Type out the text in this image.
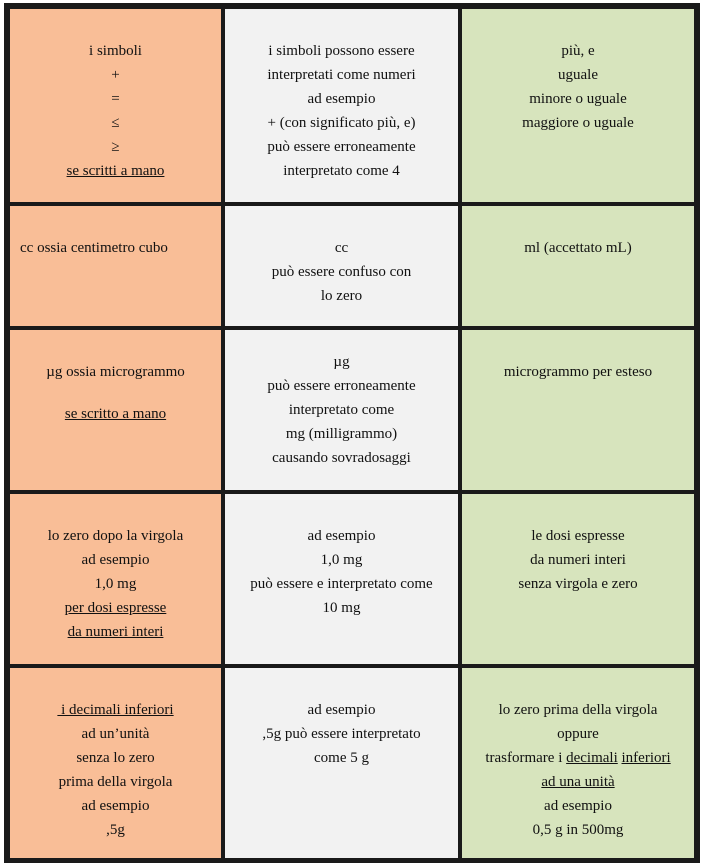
i simboli
+
=
≤
≥
se scritti a mano
i simboli possono essere
interpretati come numeri
ad esempio
+ (con significato più, e)
può essere erroneamente
interpretato come 4
più, e
uguale
minore o uguale
maggiore o uguale
cc ossia centimetro cubo	cc
può essere confuso con
lo zero
ml (accettato mL)
µg ossia microgrammo
se scritto a mano
µg
può essere erroneamente
interpretato come
mg (milligrammo)
causando sovradosaggi
microgrammo per esteso
lo zero dopo la virgola
ad esempio
1,0 mg
per dosi espresse
da numeri interi
ad esempio
1,0 mg
può essere e interpretato come
10 mg
le dosi espresse
da numeri interi
senza virgola e zero
i decimali inferiori
ad un’unità
senza lo zero
prima della virgola
ad esempio
,5g
ad esempio
,5g può essere interpretato
come 5 g
lo zero prima della virgola
oppure
trasformare i decimali inferiori
ad una unità
ad esempio
0,5 g in 500mg
